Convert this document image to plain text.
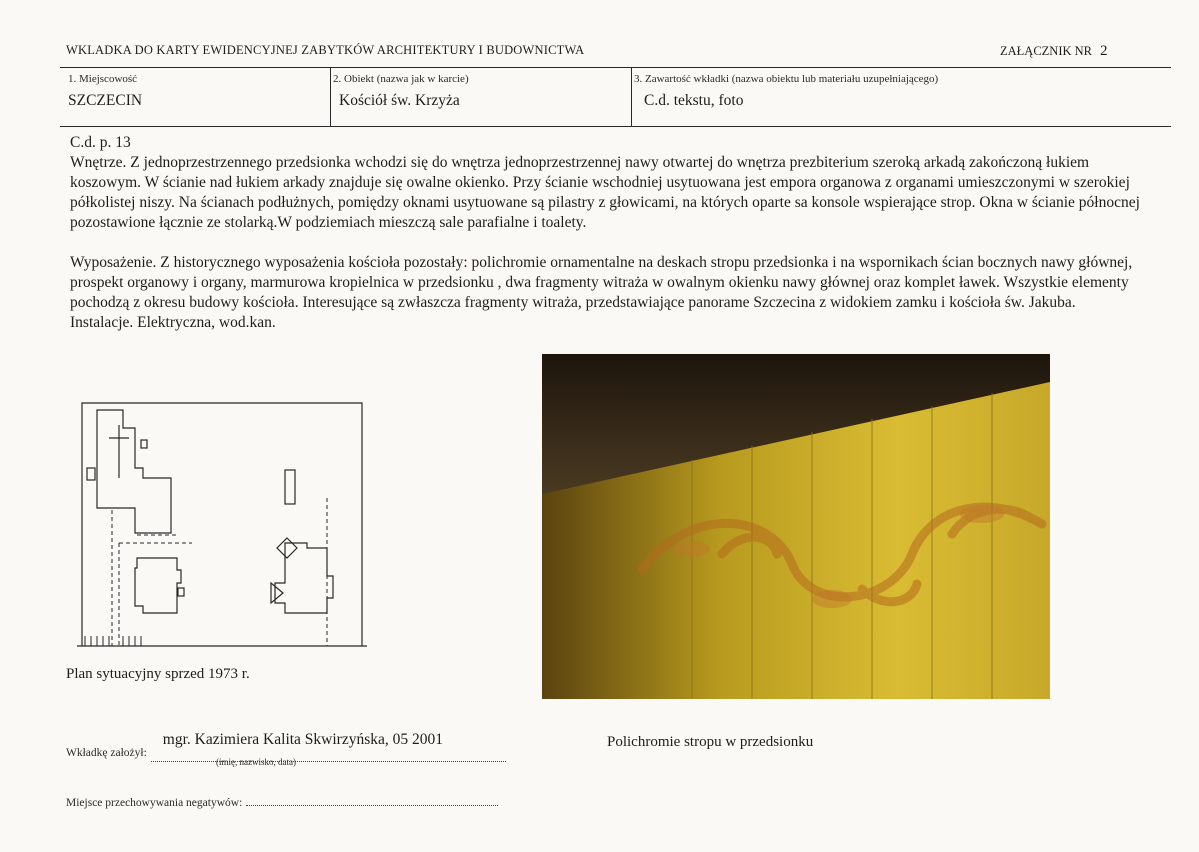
WKLADKA DO KARTY EWIDENCYJNEJ ZABYTKÓW ARCHITEKTURY I BUDOWNICTWA	ZAŁĄCZNIK NR 2
1. Miejscowość
SZCZECIN
2. Obiekt (nazwa jak w karcie)
Kościół św. Krzyża
3. Zawartość wkładki (nazwa obiektu lub materiału uzupełniającego)
C.d. tekstu, foto

C.d. p. 13

Wnętrze. Z jednoprzestrzennego przedsionka wchodzi się do wnętrza jednoprzestrzennej nawy otwartej do wnętrza prezbiterium szeroką arkadą zakończoną łukiem koszowym. W ścianie nad łukiem arkady znajduje się owalne okienko. Przy ścianie wschodniej usytuowana jest empora organowa z organami umieszczonymi w szerokiej półkolistej niszy. Na ścianach podłużnych, pomiędzy oknami usytuowane są pilastry z głowicami, na których oparte sa konsole wspierające strop. Okna w ścianie północnej pozostawione łącznie ze stolarką.W podziemiach mieszczą sale parafialne i toalety.

Wyposażenie. Z historycznego wyposażenia kościoła pozostały: polichromie ornamentalne na deskach stropu przedsionka i na wspornikach ścian bocznych nawy głównej, prospekt organowy i organy, marmurowa kropielnica w przedsionku , dwa fragmenty witraża w owalnym okienku nawy głównej oraz komplet ławek. Wszystkie elementy pochodzą z okresu budowy kościoła. Interesujące są zwłaszcza fragmenty witraża, przedstawiające panorame Szczecina z widokiem zamku i kościoła św. Jakuba.

Instalacje. Elektryczna, wod.kan.

Plan sytuacyjny sprzed 1973 r.
Polichromie stropu w przedsionku
$_{Wkładkę założył:}$ mgr. Kazimiera Kalita Skwirzyńska, 05 2001
(imię, nazwisko, data)
Miejsce przechowywania negatywów:
